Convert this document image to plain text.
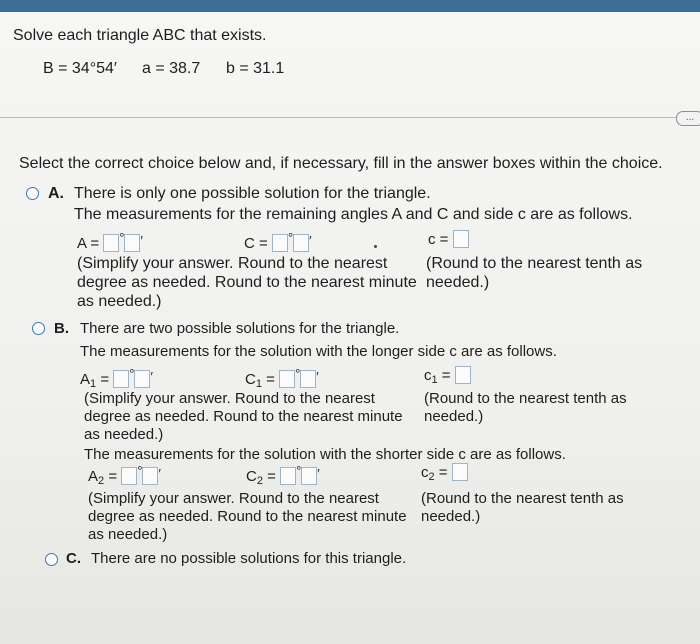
Solve each triangle ABC that exists.
B = 34°54′ a = 38.7 b = 31.1
...
Select the correct choice below and, if necessary, fill in the answer boxes within the choice.
A. There is only one possible solution for the triangle.
The measurements for the remaining angles A and C and side c are as follows.
A = ° ′	C = ° ′	c =
(Simplify your answer. Round to the nearest
degree as needed. Round to the nearest minute
as needed.)
(Round to the nearest tenth as
needed.)
B. There are two possible solutions for the triangle.
The measurements for the solution with the longer side c are as follows.
$A_1$ = ° ′	$C_1$ = ° ′	$c_1$ =
(Simplify your answer. Round to the nearest
degree as needed. Round to the nearest minute
as needed.)
(Round to the nearest tenth as
needed.)
The measurements for the solution with the shorter side c are as follows.
$A_2$ = ° ′	$C_2$ = ° ′	$c_2$ =
(Simplify your answer. Round to the nearest
degree as needed. Round to the nearest minute
as needed.)
(Round to the nearest tenth as
needed.)
C. There are no possible solutions for this triangle.
